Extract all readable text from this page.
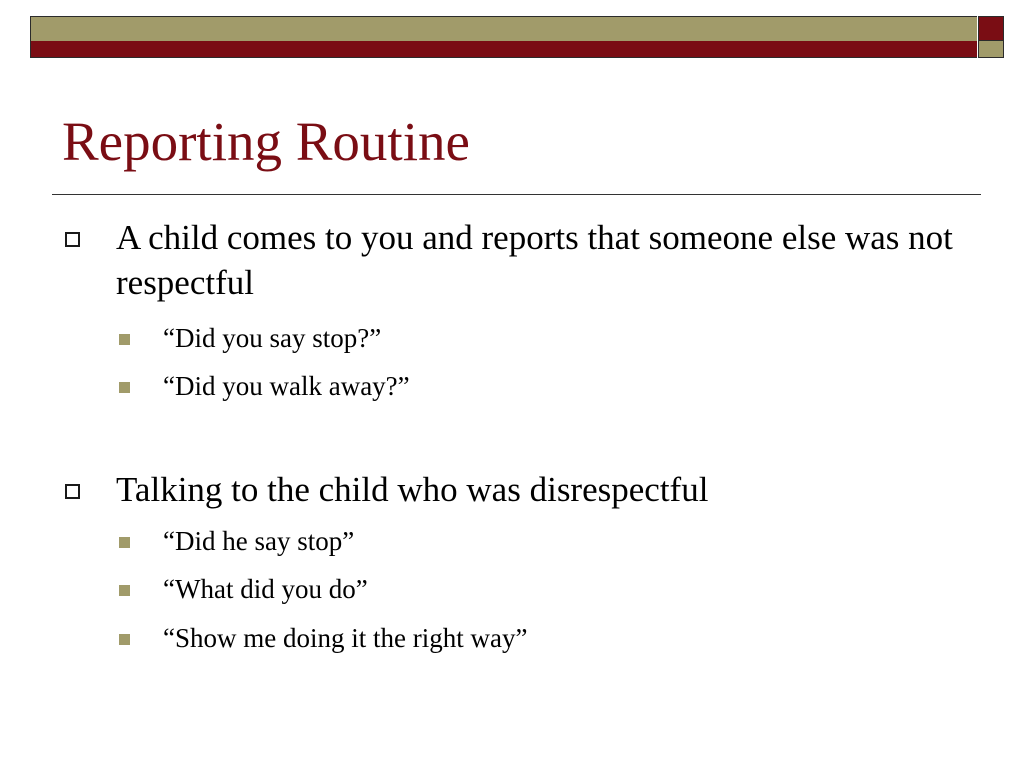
Reporting Routine
A child comes to you and reports that someone else was not respectful
“Did you say stop?”
“Did you walk away?”
Talking to the child who was disrespectful
“Did he say stop”
“What did you do”
“Show me doing it the right way”
